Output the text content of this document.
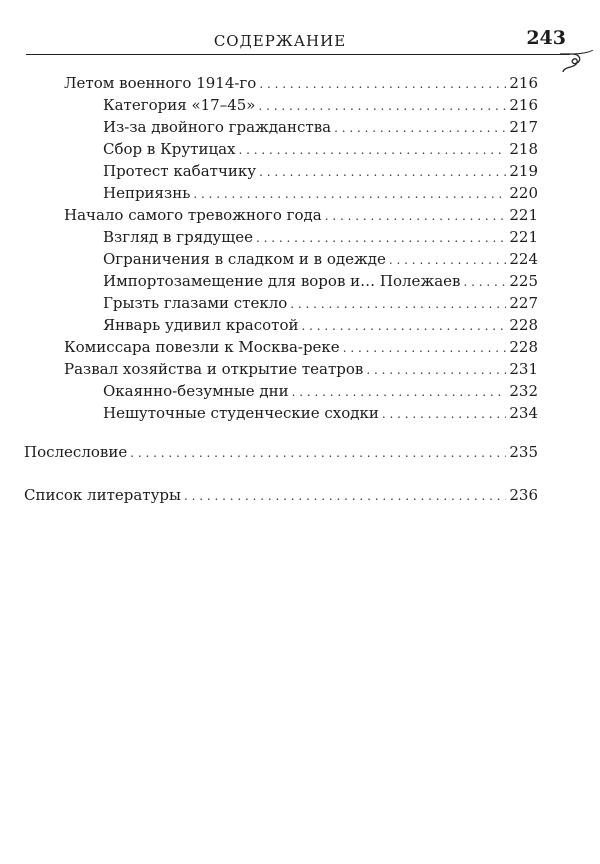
СОДЕРЖАНИЕ	243
Летом военного 1914-го . . .	216
Категория «17–45» . . .	216
Из-за двойного гражданства . . .	217
Сбор в Крутицах . . .	218
Протест кабатчику . . .	219
Неприязнь . . .	220
Начало самого тревожного года . . .	221
Взгляд в грядущее . . .	221
Ограничения в сладком и в одежде . . .	224
Импортозамещение для воров и… Полежаев . . .	225
Грызть глазами стекло . . .	227
Январь удивил красотой . . .	228
Комиссара повезли к Москва-реке . . .	228
Развал хозяйства и открытие театров . . .	231
Окаянно-безумные дни . . .	232
Нешуточные студенческие сходки . . .	234
Послесловие . . .	235
Список литературы . . .	236
